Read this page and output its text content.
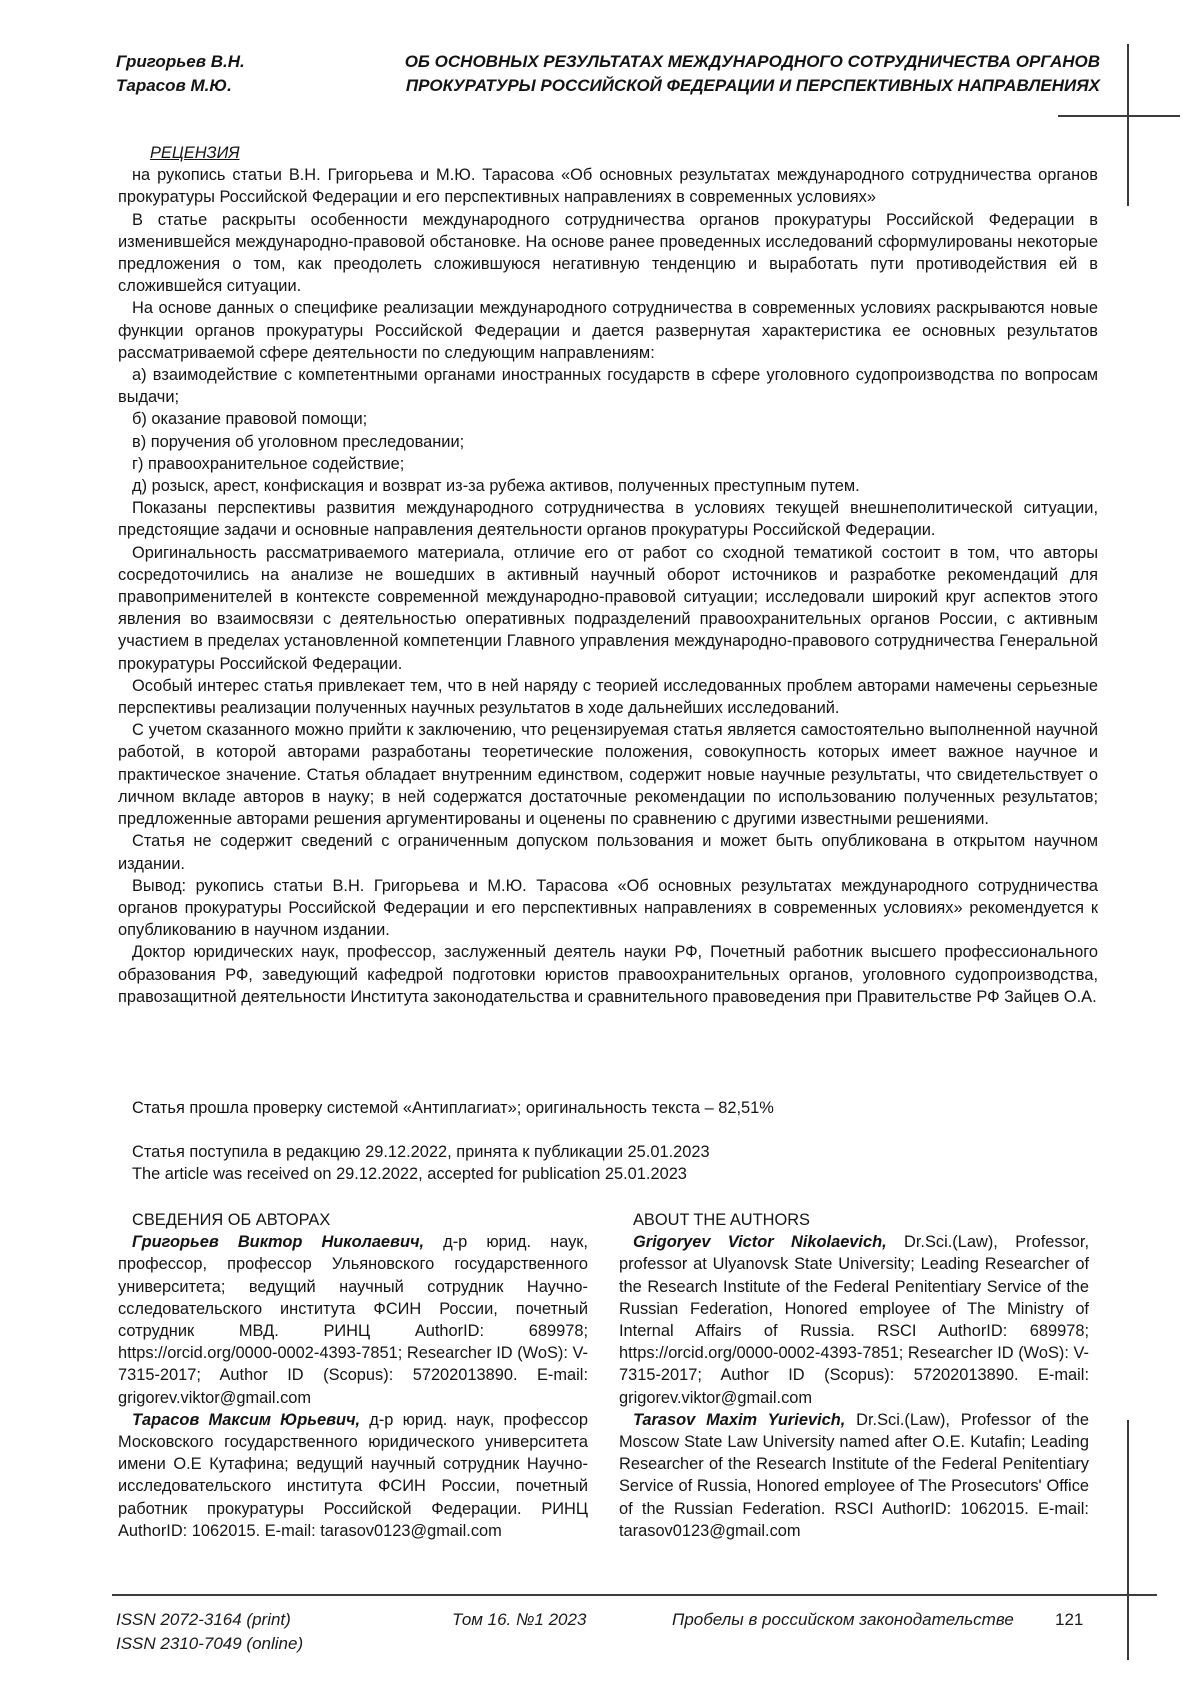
Григорьев В.Н.
Тарасов М.Ю.
ОБ ОСНОВНЫХ РЕЗУЛЬТАТАХ МЕЖДУНАРОДНОГО СОТРУДНИЧЕСТВА ОРГАНОВ
ПРОКУРАТУРЫ РОССИЙСКОЙ ФЕДЕРАЦИИ И ПЕРСПЕКТИВНЫХ НАПРАВЛЕНИЯХ
РЕЦЕНЗИЯ

на рукопись статьи В.Н. Григорьева и М.Ю. Тарасова «Об основных результатах международного сотрудничества органов прокуратуры Российской Федерации и его перспективных направлениях в современных условиях»

В статье раскрыты особенности международного сотрудничества органов прокуратуры Российской Федерации в изменившейся международно-правовой обстановке. На основе ранее проведенных исследований сформулированы некоторые предложения о том, как преодолеть сложившуюся негативную тенденцию и выработать пути противодействия ей в сложившейся ситуации.

На основе данных о специфике реализации международного сотрудничества в современных условиях раскрываются новые функции органов прокуратуры Российской Федерации и дается развернутая характеристика ее основных результатов рассматриваемой сфере деятельности по следующим направлениям:

а) взаимодействие с компетентными органами иностранных государств в сфере уголовного судопроизводства по вопросам выдачи;

б) оказание правовой помощи;

в) поручения об уголовном преследовании;

г) правоохранительное содействие;

д) розыск, арест, конфискация и возврат из-за рубежа активов, полученных преступным путем.

Показаны перспективы развития международного сотрудничества в условиях текущей внешнеполитической ситуации, предстоящие задачи и основные направления деятельности органов прокуратуры Российской Федерации.

Оригинальность рассматриваемого материала, отличие его от работ со сходной тематикой состоит в том, что авторы сосредоточились на анализе не вошедших в активный научный оборот источников и разработке рекомендаций для правоприменителей в контексте современной международно-правовой ситуации; исследовали широкий круг аспектов этого явления во взаимосвязи с деятельностью оперативных подразделений правоохранительных органов России, с активным участием в пределах установленной компетенции Главного управления международно-правового сотрудничества Генеральной прокуратуры Российской Федерации.

Особый интерес статья привлекает тем, что в ней наряду с теорией исследованных проблем авторами намечены серьезные перспективы реализации полученных научных результатов в ходе дальнейших исследований.

С учетом сказанного можно прийти к заключению, что рецензируемая статья является самостоятельно выполненной научной работой, в которой авторами разработаны теоретические положения, совокупность которых имеет важное научное и практическое значение. Статья обладает внутренним единством, содержит новые научные результаты, что свидетельствует о личном вкладе авторов в науку; в ней содержатся достаточные рекомендации по использованию полученных результатов; предложенные авторами решения аргументированы и оценены по сравнению с другими известными решениями.

Статья не содержит сведений с ограниченным допуском пользования и может быть опубликована в открытом научном издании.

Вывод: рукопись статьи В.Н. Григорьева и М.Ю. Тарасова «Об основных результатах международного сотрудничества органов прокуратуры Российской Федерации и его перспективных направлениях в современных условиях» рекомендуется к опубликованию в научном издании.

Доктор юридических наук, профессор, заслуженный деятель науки РФ, Почетный работник высшего профессионального образования РФ, заведующий кафедрой подготовки юристов правоохранительных органов, уголовного судопроизводства, правозащитной деятельности Института законодательства и сравнительного правоведения при Правительстве РФ Зайцев О.А.

Статья прошла проверку системой «Антиплагиат»; оригинальность текста – 82,51%
Статья поступила в редакцию 29.12.2022, принята к публикации 25.01.2023
The article was received on 29.12.2022, accepted for publication 25.01.2023
СВЕДЕНИЯ ОБ АВТОРАХ

Григорьев Виктор Николаевич, д-р юрид. наук, профессор, профессор Ульяновского государственного университета; ведущий научный сотрудник Научно-сследовательского института ФСИН России, почетный сотрудник МВД. РИНЦ AuthorID: 689978; https://orcid.org/0000-0002-4393-7851; Researcher ID (WoS): V-7315-2017; Author ID (Scopus): 57202013890. E-mail: grigorev.viktor@gmail.com

Тарасов Максим Юрьевич, д-р юрид. наук, профессор Московского государственного юридического университета имени О.Е Кутафина; ведущий научный сотрудник Научно-исследовательского института ФСИН России, почетный работник прокуратуры Российской Федерации. РИНЦ AuthorID: 1062015. E-mail: tarasov0123@gmail.com

ABOUT THE AUTHORS

Grigoryev Victor Nikolaevich, Dr.Sci.(Law), Professor, professor at Ulyanovsk State University; Leading Researcher of the Research Institute of the Federal Penitentiary Service of the Russian Federation, Honored employee of The Ministry of Internal Affairs of Russia. RSCI AuthorID: 689978; https://orcid.org/0000-0002-4393-7851; Researcher ID (WoS): V-7315-2017; Author ID (Scopus): 57202013890. E-mail: grigorev.viktor@gmail.com

Tarasov Maxim Yurievich, Dr.Sci.(Law), Professor of the Moscow State Law University named after O.E. Kutafin; Leading Researcher of the Research Institute of the Federal Penitentiary Service of Russia, Honored employee of The Prosecutors' Office of the Russian Federation. RSCI AuthorID: 1062015. E-mail: tarasov0123@gmail.com

ISSN 2072-3164 (print)
ISSN 2310-7049 (online)
Том 16. №1 2023	Пробелы в российском законодательстве 121
